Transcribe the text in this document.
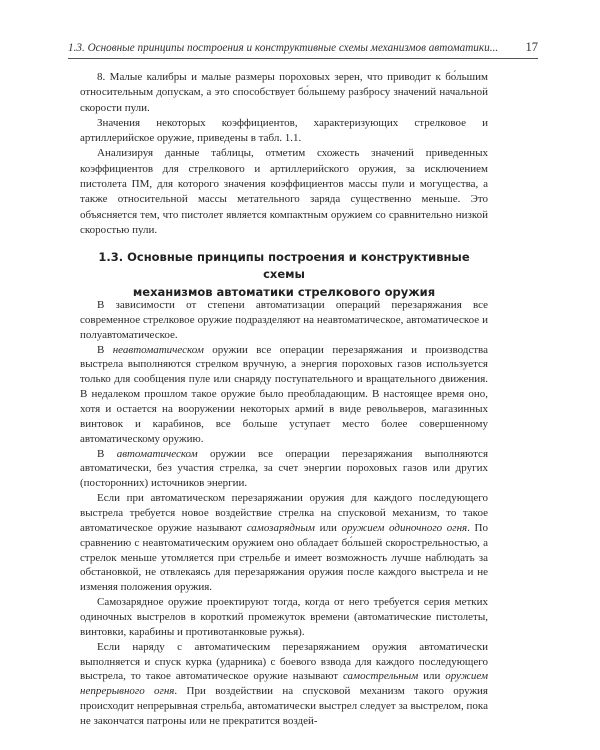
1.3. Основные принципы построения и конструктивные схемы механизмов автоматики... 17

8. Малые калибры и малые размеры пороховых зерен, что приводит к бо́льшим относительным допускам, а это способствует бо́льшему разбросу значений начальной скорости пули.

Значения некоторых коэффициентов, характеризующих стрелковое и артиллерийское оружие, приведены в табл. 1.1.

Анализируя данные таблицы, отметим схожесть значений приведенных коэффициентов для стрелкового и артиллерийского оружия, за исключением пистолета ПМ, для которого значения коэффициентов массы пули и могущества, а также относительной массы метательного заряда существенно меньше. Это объясняется тем, что пистолет является компактным оружием со сравнительно низкой скоростью пули.

1.3. Основные принципы построения и конструктивные схемы
механизмов автоматики стрелкового оружия

В зависимости от степени автоматизации операций перезаряжания все современное стрелковое оружие подразделяют на неавтоматическое, автоматическое и полуавтоматическое.

В неавтоматическом оружии все операции перезаряжания и производства выстрела выполняются стрелком вручную, а энергия пороховых газов используется только для сообщения пуле или снаряду поступательного и вращательного движения. В недалеком прошлом такое оружие было преобладающим. В настоящее время оно, хотя и остается на вооружении некоторых армий в виде револьверов, магазинных винтовок и карабинов, все больше уступает место более совершенному автоматическому оружию.

В автоматическом оружии все операции перезаряжания выполняются автоматически, без участия стрелка, за счет энергии пороховых газов или других (посторонних) источников энергии.

Если при автоматическом перезаряжании оружия для каждого последующего выстрела требуется новое воздействие стрелка на спусковой механизм, то такое автоматическое оружие называют самозарядным или оружием одиночного огня. По сравнению с неавтоматическим оружием оно обладает бо́льшей скорострельностью, а стрелок меньше утомляется при стрельбе и имеет возможность лучше наблюдать за обстановкой, не отвлекаясь для перезаряжания оружия после каждого выстрела и не изменяя положения оружия.

Самозарядное оружие проектируют тогда, когда от него требуется серия метких одиночных выстрелов в короткий промежуток времени (автоматические пистолеты, винтовки, карабины и противотанковые ружья).

Если наряду с автоматическим перезаряжанием оружия автоматически выполняется и спуск курка (ударника) с боевого взвода для каждого последующего выстрела, то такое автоматическое оружие называют самострельным или оружием непрерывного огня. При воздействии на спусковой механизм такого оружия происходит непрерывная стрельба, автоматически выстрел следует за выстрелом, пока не закончатся патроны или не прекратится воздей-
